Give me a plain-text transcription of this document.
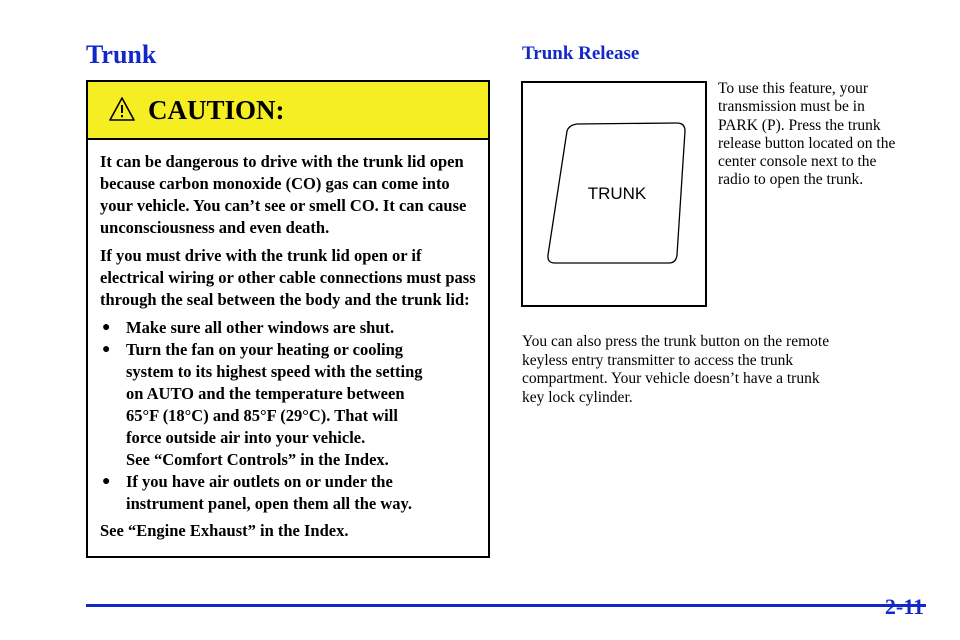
Trunk
CAUTION:

It can be dangerous to drive with the trunk lid open because carbon monoxide (CO) gas can come into your vehicle. You can’t see or smell CO. It can cause unconsciousness and even death.

If you must drive with the trunk lid open or if electrical wiring or other cable connections must pass through the seal between the body and the trunk lid:

● Make sure all other windows are shut.
● Turn the fan on your heating or cooling
system to its highest speed with the setting
on AUTO and the temperature between
65°F (18°C) and 85°F (29°C). That will
force outside air into your vehicle.
See “Comfort Controls” in the Index.
● If you have air outlets on or under the
instrument panel, open them all the way.

See “Engine Exhaust” in the Index.

Trunk Release
TRUNK
To use this feature, your
transmission must be in
PARK (P). Press the trunk
release button located on the
center console next to the
radio to open the trunk.
You can also press the trunk button on the remote
keyless entry transmitter to access the trunk
compartment. Your vehicle doesn’t have a trunk
key lock cylinder.
2-11
